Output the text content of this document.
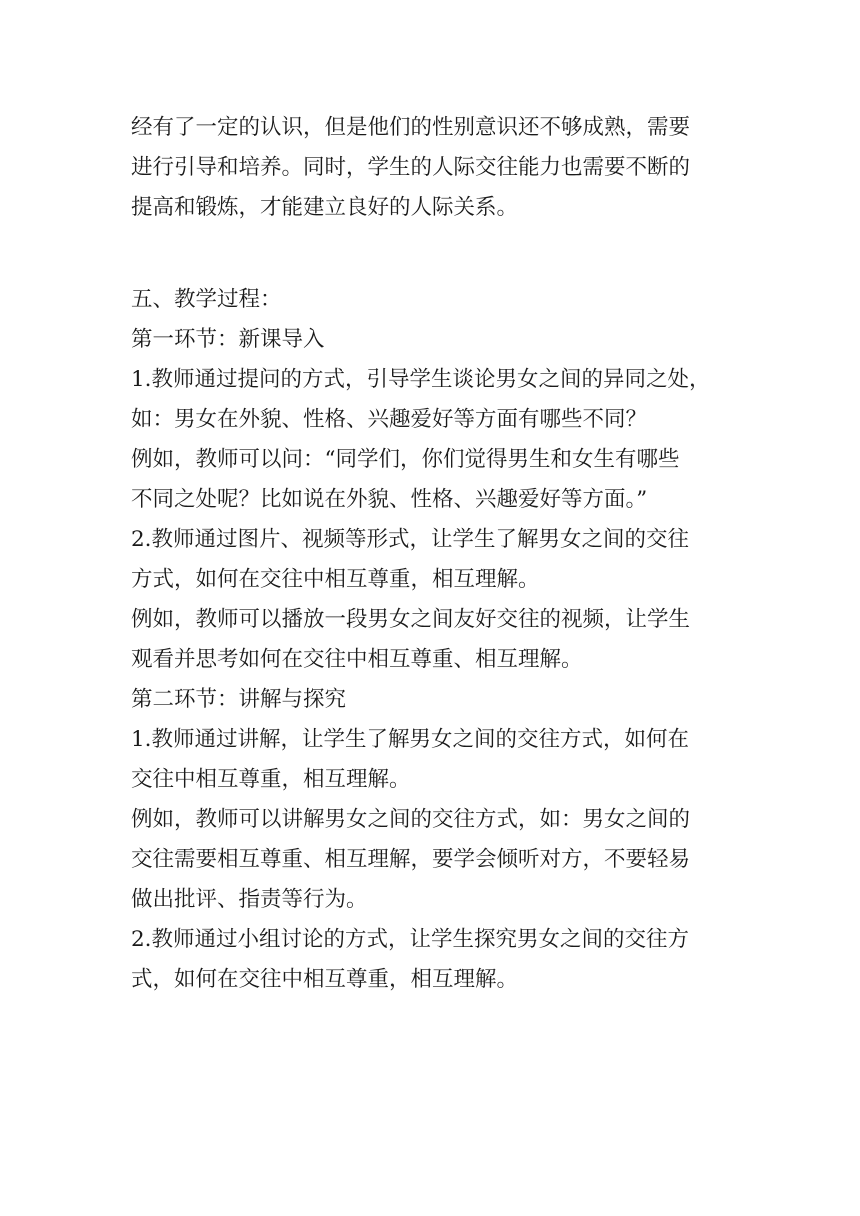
经有了一定的认识，但是他们的性别意识还不够成熟，需要
进行引导和培养。同时，学生的人际交往能力也需要不断的
提高和锻炼，才能建立良好的人际关系。
五、教学过程：
第一环节：新课导入
1.教师通过提问的方式，引导学生谈论男女之间的异同之处，
如：男女在外貌、性格、兴趣爱好等方面有哪些不同？
例如，教师可以问：“同学们，你们觉得男生和女生有哪些
不同之处呢？比如说在外貌、性格、兴趣爱好等方面。”
2.教师通过图片、视频等形式，让学生了解男女之间的交往
方式，如何在交往中相互尊重，相互理解。
例如，教师可以播放一段男女之间友好交往的视频，让学生
观看并思考如何在交往中相互尊重、相互理解。
第二环节：讲解与探究
1.教师通过讲解，让学生了解男女之间的交往方式，如何在
交往中相互尊重，相互理解。
例如，教师可以讲解男女之间的交往方式，如：男女之间的
交往需要相互尊重、相互理解，要学会倾听对方，不要轻易
做出批评、指责等行为。
2.教师通过小组讨论的方式，让学生探究男女之间的交往方
式，如何在交往中相互尊重，相互理解。
